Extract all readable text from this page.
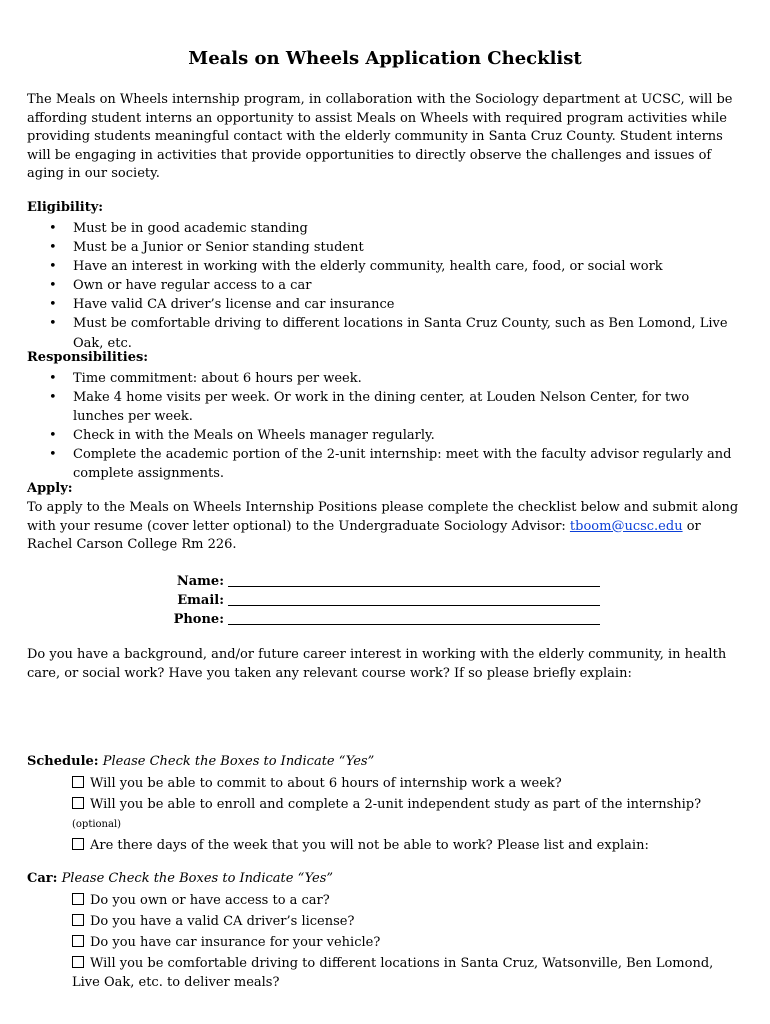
Meals on Wheels Application Checklist
The Meals on Wheels internship program, in collaboration with the Sociology department at UCSC, will be affording student interns an opportunity to assist Meals on Wheels with required program activities while providing students meaningful contact with the elderly community in Santa Cruz County. Student interns will be engaging in activities that provide opportunities to directly observe the challenges and issues of aging in our society.
Eligibility:
• Must be in good academic standing
• Must be a Junior or Senior standing student
• Have an interest in working with the elderly community, health care, food, or social work
• Own or have regular access to a car
• Have valid CA driver’s license and car insurance
• Must be comfortable driving to different locations in Santa Cruz County, such as Ben Lomond, Live Oak, etc.
Responsibilities:
• Time commitment: about 6 hours per week.
• Make 4 home visits per week. Or work in the dining center, at Louden Nelson Center, for two lunches per week.
• Check in with the Meals on Wheels manager regularly.
• Complete the academic portion of the 2-unit internship: meet with the faculty advisor regularly and complete assignments.
Apply:
To apply to the Meals on Wheels Internship Positions please complete the checklist below and submit along with your resume (cover letter optional) to the Undergraduate Sociology Advisor: tboom@ucsc.edu or Rachel Carson College Rm 226.
Name:
Email:
Phone:
Do you have a background, and/or future career interest in working with the elderly community, in health care, or social work? Have you taken any relevant course work? If so please briefly explain:
Schedule: Please Check the Boxes to Indicate “Yes”
Will you be able to commit to about 6 hours of internship work a week?
Will you be able to enroll and complete a 2-unit independent study as part of the internship? (optional)
Are there days of the week that you will not be able to work? Please list and explain:
Car: Please Check the Boxes to Indicate “Yes”
Do you own or have access to a car?
Do you have a valid CA driver’s license?
Do you have car insurance for your vehicle?
Will you be comfortable driving to different locations in Santa Cruz, Watsonville, Ben Lomond, Live Oak, etc. to deliver meals?
